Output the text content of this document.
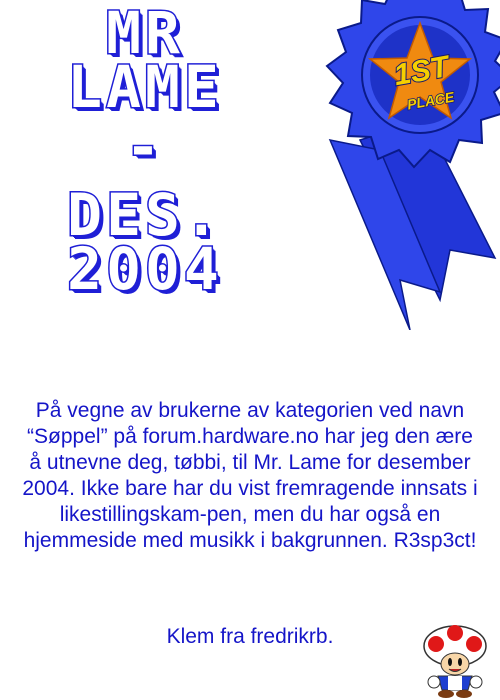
MR
LAME
-
DES.
2004
1ST
PLACE

På vegne av brukerne av kategorien ved navn “Søppel” på forum.hardware.no har jeg den ære å utnevne deg, tøbbi, til Mr. Lame for desember 2004. Ikke bare har du vist fremragende innsats i likestillingskam-pen, men du har også en hjemmeside med musikk i bakgrunnen. R3sp3ct!

Klem fra fredrikrb.
